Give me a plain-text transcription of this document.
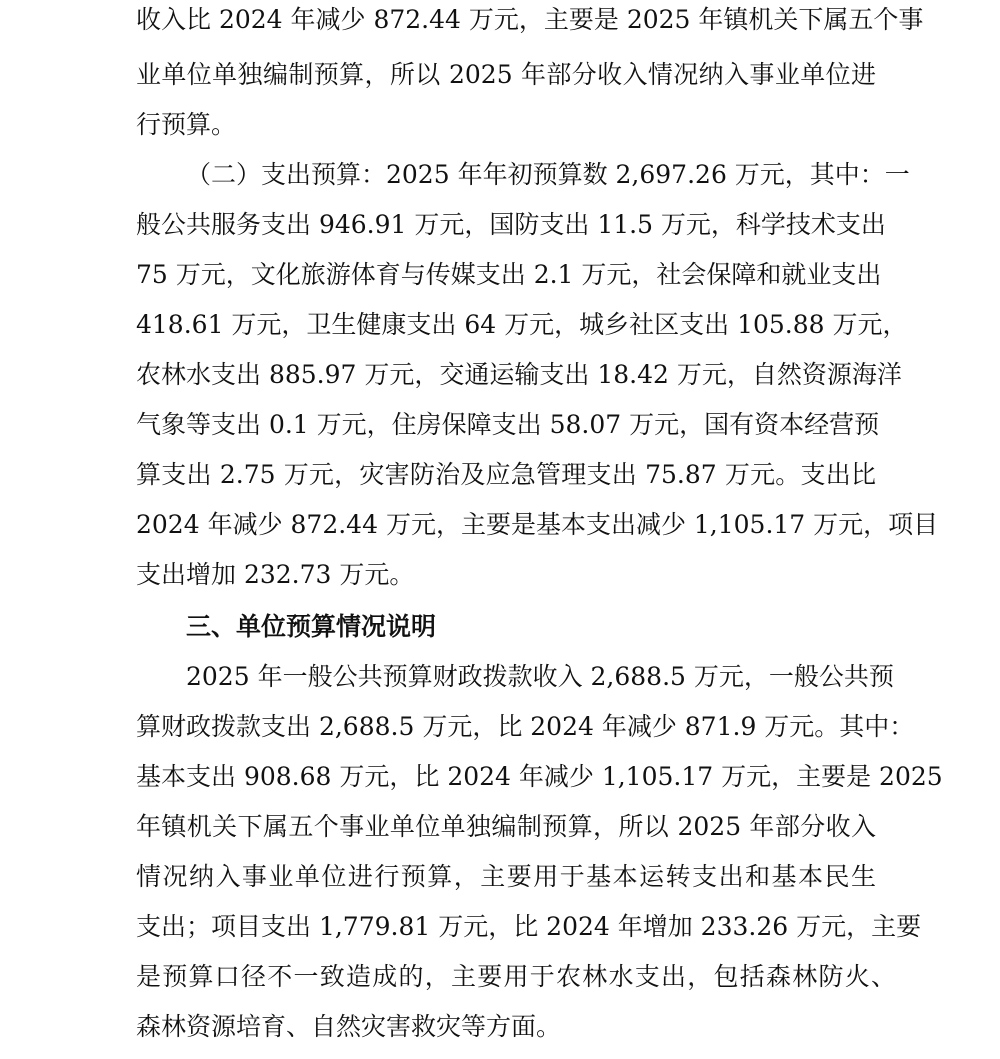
收入比 2024 年减少 872.44 万元，主要是 2025 年镇机关下属五个事
业单位单独编制预算，所以 2025 年部分收入情况纳入事业单位进
行预算。
（二）支出预算：2025 年年初预算数 2,697.26 万元，其中：一
般公共服务支出 946.91 万元，国防支出 11.5 万元，科学技术支出
75 万元，文化旅游体育与传媒支出 2.1 万元，社会保障和就业支出
418.61 万元，卫生健康支出 64 万元，城乡社区支出 105.88 万元，
农林水支出 885.97 万元，交通运输支出 18.42 万元，自然资源海洋
气象等支出 0.1 万元，住房保障支出 58.07 万元，国有资本经营预
算支出 2.75 万元，灾害防治及应急管理支出 75.87 万元。支出比
2024 年减少 872.44 万元，主要是基本支出减少 1,105.17 万元，项目
支出增加 232.73 万元。
三、单位预算情况说明
2025 年一般公共预算财政拨款收入 2,688.5 万元，一般公共预
算财政拨款支出 2,688.5 万元，比 2024 年减少 871.9 万元。其中：
基本支出 908.68 万元，比 2024 年减少 1,105.17 万元，主要是 2025
年镇机关下属五个事业单位单独编制预算，所以 2025 年部分收入
情况纳入事业单位进行预算，主要用于基本运转支出和基本民生
支出；项目支出 1,779.81 万元，比 2024 年增加 233.26 万元，主要
是预算口径不一致造成的，主要用于农林水支出，包括森林防火、
森林资源培育、自然灾害救灾等方面。
